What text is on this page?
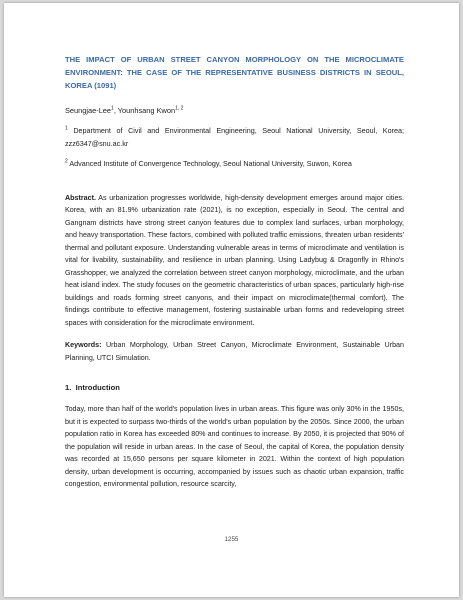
THE IMPACT OF URBAN STREET CANYON MORPHOLOGY ON THE MICROCLIMATE ENVIRONMENT: THE CASE OF THE REPRESENTATIVE BUSINESS DISTRICTS IN SEOUL, KOREA (1091)
Seungjae-Lee$^1$, Younhsang Kwon$^{1, 2}$
$^1$ Department of Civil and Environmental Engineering, Seoul National University, Seoul, Korea; zzz6347@snu.ac.kr
$^2$ Advanced Institute of Convergence Technology, Seoul National University, Suwon, Korea
Abstract. As urbanization progresses worldwide, high-density development emerges around major cities. Korea, with an 81.9% urbanization rate (2021), is no exception, especially in Seoul. The central and Gangnam districts have strong street canyon features due to complex land surfaces, urban morphology, and heavy transportation. These factors, combined with polluted traffic emissions, threaten urban residents' thermal and pollutant exposure. Understanding vulnerable areas in terms of microclimate and ventilation is vital for livability, sustainability, and resilience in urban planning. Using Ladybug & Dragonfly in Rhino's Grasshopper, we analyzed the correlation between street canyon morphology, microclimate, and the urban heat island index. The study focuses on the geometric characteristics of urban spaces, particularly high-rise buildings and roads forming street canyons, and their impact on microclimate(thermal comfort). The findings contribute to effective management, fostering sustainable urban forms and redeveloping street spaces with consideration for the microclimate environment.
Keywords: Urban Morphology, Urban Street Canyon, Microclimate Environment, Sustainable Urban Planning, UTCI Simulation.
1. Introduction
Today, more than half of the world's population lives in urban areas. This figure was only 30% in the 1950s, but it is expected to surpass two-thirds of the world's urban population by the 2050s. Since 2000, the urban population ratio in Korea has exceeded 80% and continues to increase. By 2050, it is projected that 90% of the population will reside in urban areas. In the case of Seoul, the capital of Korea, the population density was recorded at 15,650 persons per square kilometer in 2021. Within the context of high population density, urban development is occurring, accompanied by issues such as chaotic urban expansion, traffic congestion, environmental pollution, resource scarcity,
1255
